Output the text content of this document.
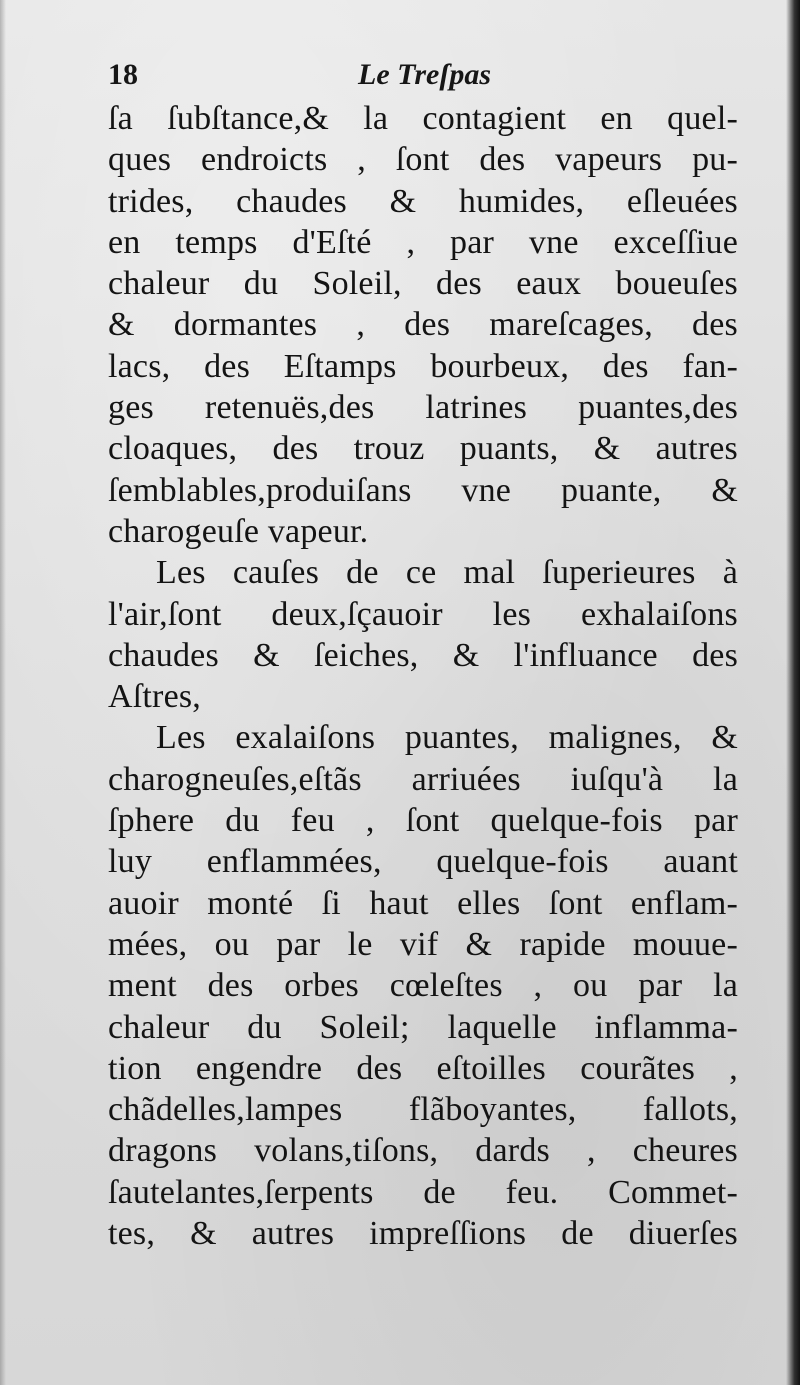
18	Le Treſpas
ſa ſubſtance,& la contagient en quel-
ques endroicts , ſont des vapeurs pu-
trides, chaudes & humides, eſleuées
en temps d'Eſté , par vne exceſſiue
chaleur du Soleil, des eaux boueuſes
& dormantes , des mareſcages, des
lacs, des Eſtamps bourbeux, des fan-
ges retenuës,des latrines puantes,des
cloaques, des trouz puants, & autres
ſemblables,produiſans vne puante, &
charogeuſe vapeur.
Les cauſes de ce mal ſuperieures à
l'air,ſont deux,ſçauoir les exhalaiſons
chaudes & ſeiches, & l'influance des
Aſtres,
Les exalaiſons puantes, malignes, &
charogneuſes,eſtãs arriuées iuſqu'à la
ſphere du feu , ſont quelque-fois par
luy enflammées, quelque-fois auant
auoir monté ſi haut elles ſont enflam-
mées, ou par le vif & rapide mouue-
ment des orbes cœleſtes , ou par la
chaleur du Soleil; laquelle inflamma-
tion engendre des eſtoilles courãtes ,
chãdelles,lampes flãboyantes, fallots,
dragons volans,tiſons, dards , cheures
ſautelantes,ſerpents de feu. Commet-
tes, & autres impreſſions de diuerſes
